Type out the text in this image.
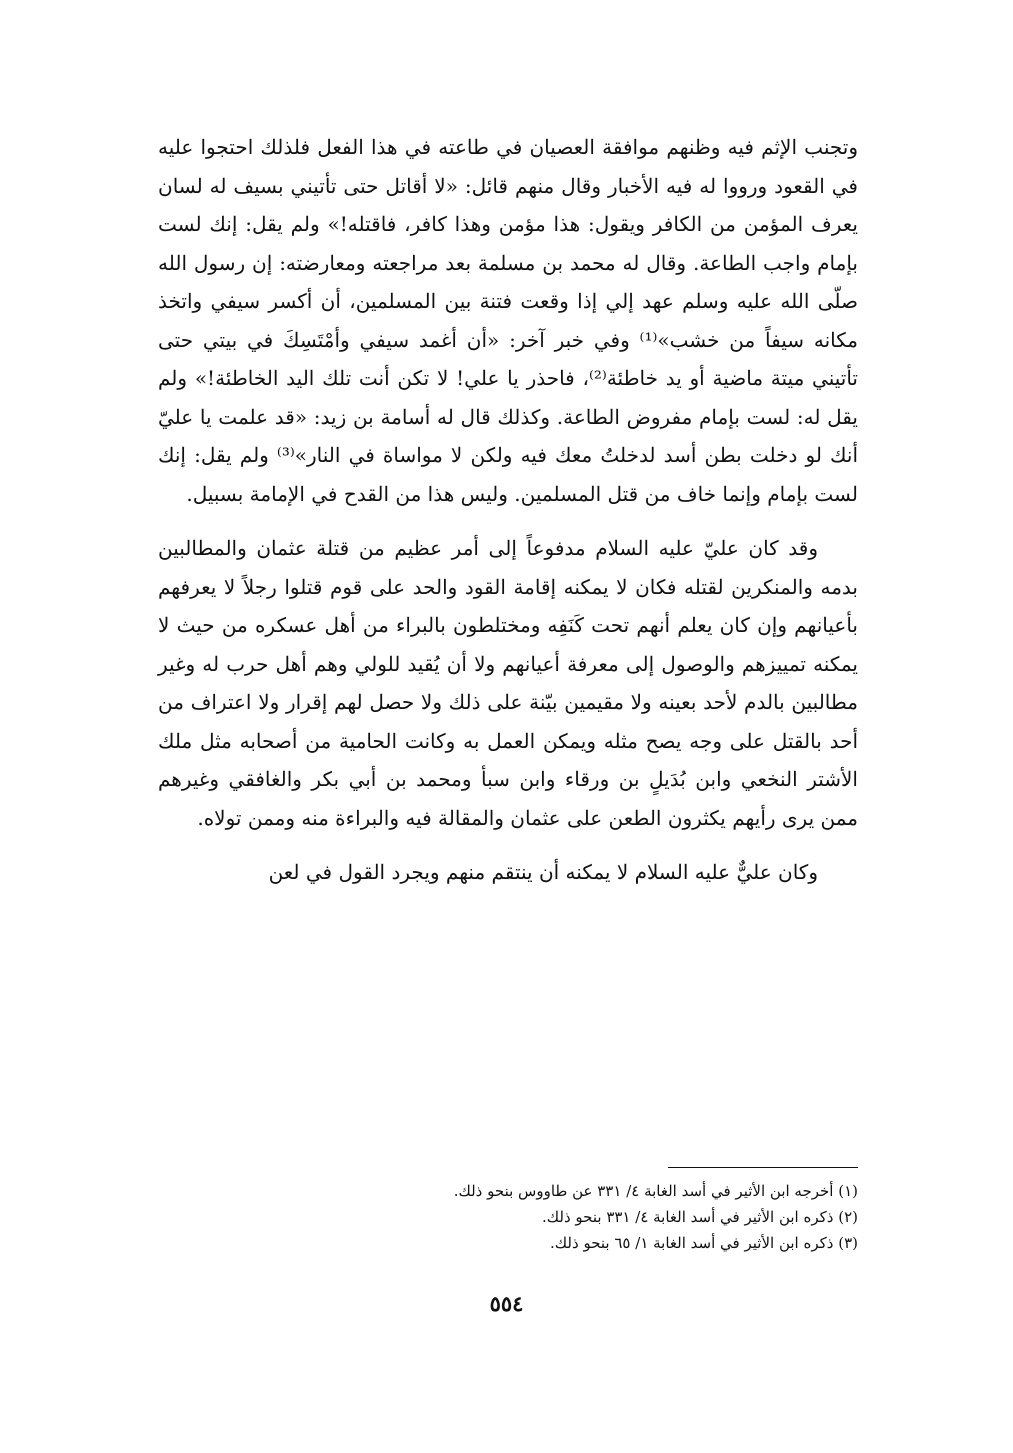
وتجنب الإثم فيه وظنهم موافقة العصيان في طاعته في هذا الفعل فلذلك احتجوا عليه في القعود ورووا له فيه الأخبار وقال منهم قائل: «لا أقاتل حتى تأتيني بسيف له لسان يعرف المؤمن من الكافر ويقول: هذا مؤمن وهذا كافر، فاقتله!» ولم يقل: إنك لست بإمام واجب الطاعة. وقال له محمد بن مسلمة بعد مراجعته ومعارضته: إن رسول الله صلّى الله عليه وسلم عهد إلي إذا وقعت فتنة بين المسلمين، أن أكسر سيفي واتخذ مكانه سيفاً من خشب»⁽¹⁾ وفي خبر آخر: «أن أغمد سيفي وأمْتَسِكَ في بيتي حتى تأتيني ميتة ماضية أو يد خاطئة⁽²⁾، فاحذر يا علي! لا تكن أنت تلك اليد الخاطئة!» ولم يقل له: لست بإمام مفروض الطاعة. وكذلك قال له أسامة بن زيد: «قد علمت يا عليّ أنك لو دخلت بطن أسد لدخلتُ معك فيه ولكن لا مواساة في النار»⁽³⁾ ولم يقل: إنك لست بإمام وإنما خاف من قتل المسلمين. وليس هذا من القدح في الإمامة بسبيل.

وقد كان عليّ عليه السلام مدفوعاً إلى أمر عظيم من قتلة عثمان والمطالبين بدمه والمنكرين لقتله فكان لا يمكنه إقامة القود والحد على قوم قتلوا رجلاً لا يعرفهم بأعيانهم وإن كان يعلم أنهم تحت كَنَفِه ومختلطون بالبراء من أهل عسكره من حيث لا يمكنه تمييزهم والوصول إلى معرفة أعيانهم ولا أن يُقيد للولي وهم أهل حرب له وغير مطالبين بالدم لأحد بعينه ولا مقيمين بيّنة على ذلك ولا حصل لهم إقرار ولا اعتراف من أحد بالقتل على وجه يصح مثله ويمكن العمل به وكانت الحامية من أصحابه مثل ملك الأشتر النخعي وابن بُدَيلٍ بن ورقاء وابن سبأ ومحمد بن أبي بكر والغافقي وغيرهم ممن يرى رأيهم يكثرون الطعن على عثمان والمقالة فيه والبراءة منه وممن تولاه.

وكان عليٌّ عليه السلام لا يمكنه أن ينتقم منهم ويجرد القول في لعن

(١) أخرجه ابن الأثير في أسد الغابة ٤/ ٣٣١ عن طاووس بنحو ذلك.

(٢) ذكره ابن الأثير في أسد الغابة ٤/ ٣٣١ بنحو ذلك.

(٣) ذكره ابن الأثير في أسد الغابة ١/ ٦٥ بنحو ذلك.

٥٥٤
